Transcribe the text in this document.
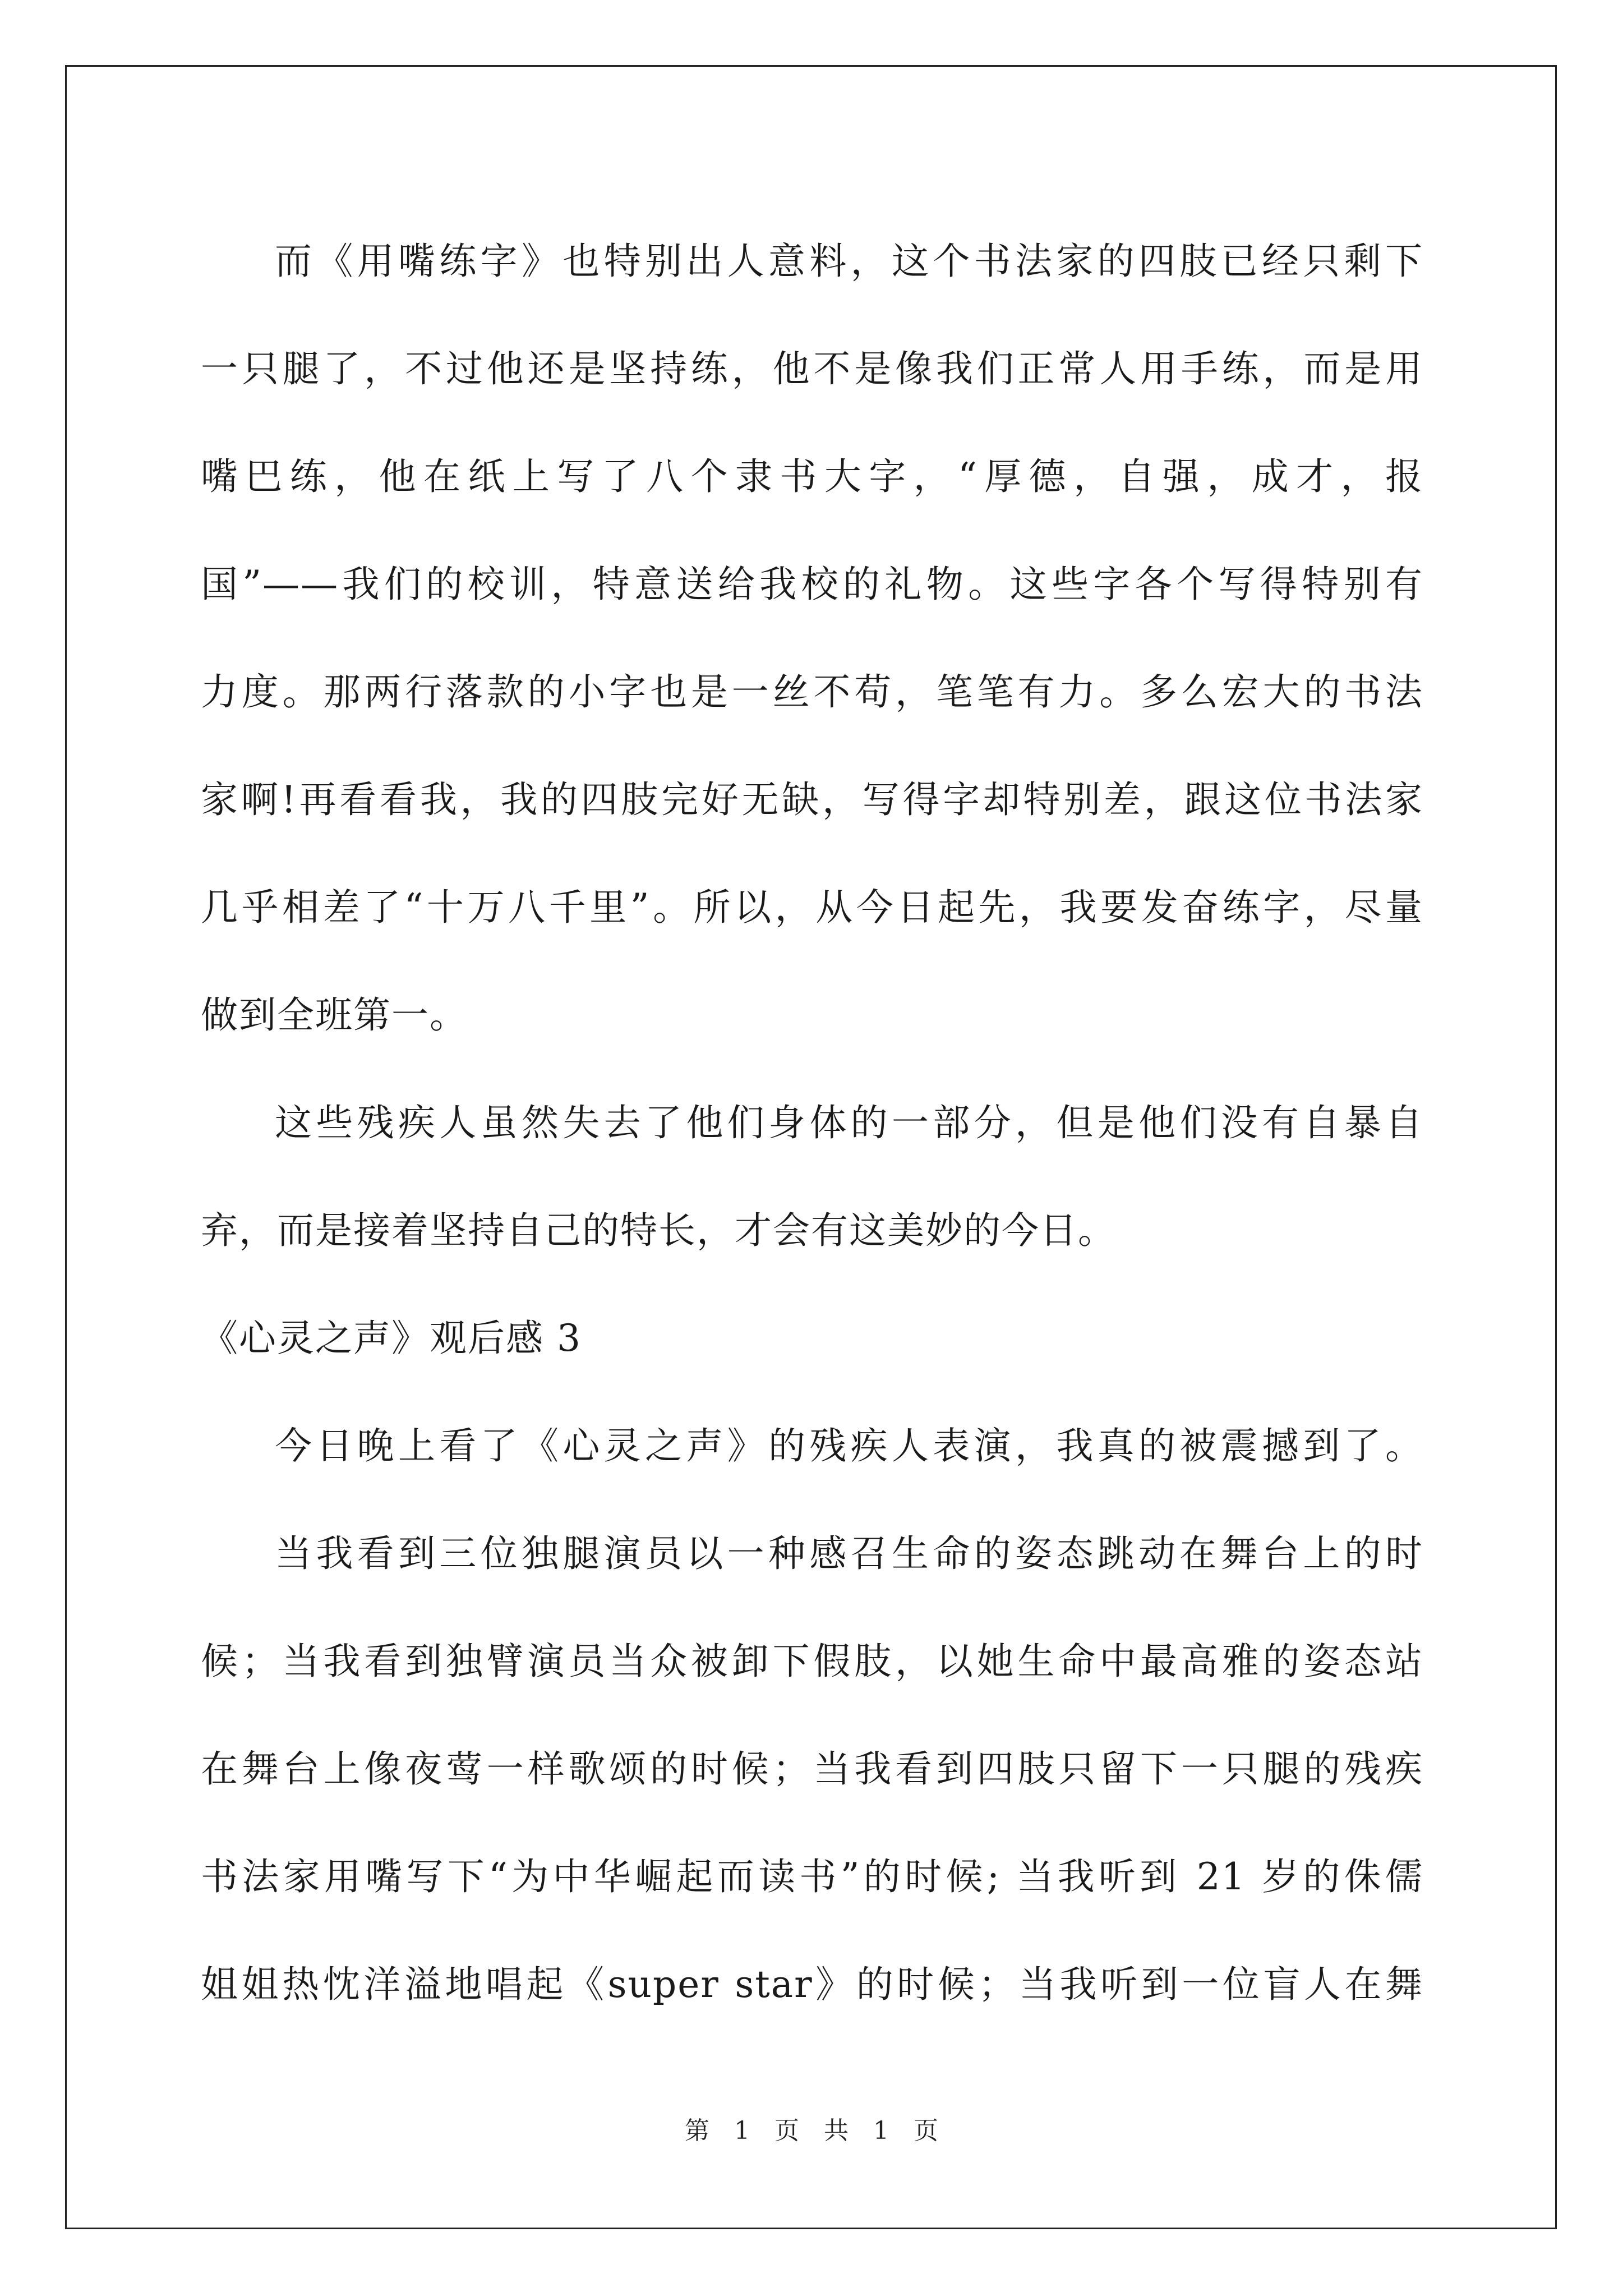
而《用嘴练字》也特别出人意料，这个书法家的四肢已经只剩下
一只腿了，不过他还是坚持练，他不是像我们正常人用手练，而是用
嘴巴练，他在纸上写了八个隶书大字，“厚德，自强，成才，报
国”——我们的校训，特意送给我校的礼物。这些字各个写得特别有
力度。那两行落款的小字也是一丝不苟，笔笔有力。多么宏大的书法
家啊!再看看我，我的四肢完好无缺，写得字却特别差，跟这位书法家
几乎相差了“十万八千里”。所以，从今日起先，我要发奋练字，尽量
做到全班第一。
这些残疾人虽然失去了他们身体的一部分，但是他们没有自暴自
弃，而是接着坚持自己的特长，才会有这美妙的今日。
《心灵之声》观后感 3
今日晚上看了《心灵之声》的残疾人表演，我真的被震撼到了。
当我看到三位独腿演员以一种感召生命的姿态跳动在舞台上的时
候；当我看到独臂演员当众被卸下假肢，以她生命中最高雅的姿态站
在舞台上像夜莺一样歌颂的时候；当我看到四肢只留下一只腿的残疾
书法家用嘴写下“为中华崛起而读书”的时候; 当我听到 21 岁的侏儒
姐姐热忱洋溢地唱起《super star》的时候；当我听到一位盲人在舞
第 1 页 共 1 页
